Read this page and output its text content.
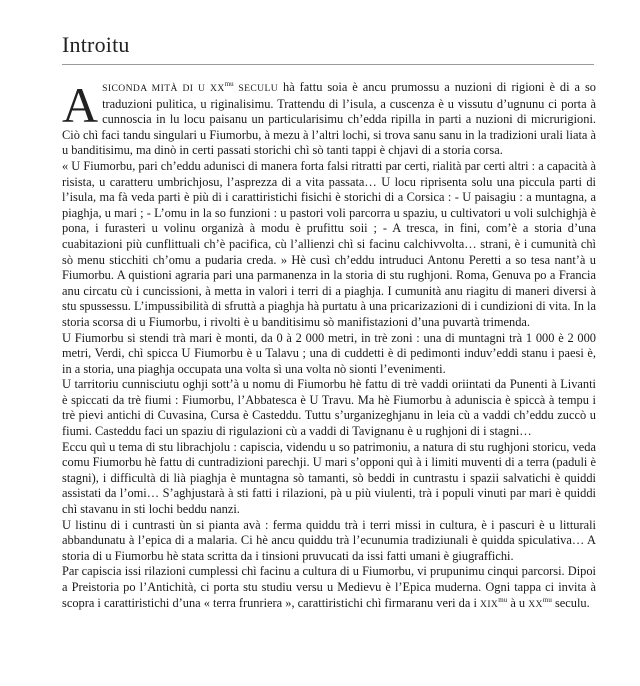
Introitu

ASICONDA MITÀ DI U $XX^{mu}$ SECULU hà fattu soia è ancu prumossu a nuzioni di rigioni è di a so traduzioni pulitica, u riginalisimu. Trattendu di l’isula, a cuscenza è u vissutu d’ugnunu ci porta à cunnoscia in lu locu paisanu un particularisimu ch’edda ripilla in parti a nuzioni di micrurigioni. Ciò chì faci tandu singulari u Fiumorbu, à mezu à l’altri lochi, si trova sanu sanu in la tradizioni urali liata à u banditisimu, ma dinò in certi passati storichi chì sò tanti tappi è chjavi di a storia corsa.

« U Fiumorbu, pari ch’eddu adunisci di manera forta falsi ritratti par certi, rialità par certi altri : a capacità à risista, u caratteru umbrichjosu, l’asprezza di a vita passata… U locu riprisenta solu una piccula parti di l’isula, ma fà veda parti è più di i carattiristichi fisichi è storichi di a Corsica : - U paisagiu : a muntagna, a piaghja, u mari ; - L’omu in la so funzioni : u pastori voli parcorra u spaziu, u cultivatori u voli sulchighjà è pona, i furasteri u volinu organizà à modu è prufittu soii ; - A tresca, in fini, com’è a storia d’una cuabitazioni più cunflittuali ch’è pacifica, cù l’allienzi chì si facinu calchivvolta… strani, è i cumunità chì sò menu sticchiti ch’omu a pudaria creda. » Hè cusì ch’eddu intruduci Antonu Peretti a so tesa nant’à u Fiumorbu. A quistioni agraria pari una parmanenza in la storia di stu rughjoni. Roma, Genuva po a Francia anu circatu cù i cuncissioni, à metta in valori i terri di a piaghja. I cumunità anu riagitu di maneri diversi à stu spussessu. L’impussibilità di sfruttà a piaghja hà purtatu à una pricarizazioni di i cundizioni di vita. In la storia scorsa di u Fiumorbu, i rivolti è u banditisimu sò manifistazioni d’una puvartà trimenda.

U Fiumorbu si stendi trà mari è monti, da 0 à 2 000 metri, in trè zoni : una di muntagni trà 1 000 è 2 000 metri, Verdi, chì spicca U Fiumorbu è u Talavu ; una di cuddetti è di pedimonti induv’eddi stanu i paesi è, in a storia, una piaghja occupata una volta sì una volta nò sionti l’evenimenti.

U tarritoriu cunnisciutu oghji sott’à u nomu di Fiumorbu hè fattu di trè vaddi oriintati da Punenti à Livanti è spiccati da trè fiumi : Fiumorbu, l’Abbatesca è U Travu. Ma hè Fiumorbu à aduniscia è spiccà à tempu i trè pievi antichi di Cuvasina, Cursa è Casteddu. Tuttu s’urganizeghjanu in leia cù a vaddi ch’eddu zuccò u fiumi. Casteddu faci un spaziu di rigulazioni cù a vaddi di Tavignanu è u rughjoni di i stagni…

Eccu quì u tema di stu librachjolu : capiscia, videndu u so patrimoniu, a natura di stu rughjoni storicu, veda comu Fiumorbu hè fattu di cuntradizioni parechji. U mari s’opponi quì à i limiti muventi di a terra (paduli è stagni), i difficultà di lià piaghja è muntagna sò tamanti, sò beddi in cuntrastu i spazii salvatichi è quiddi assistati da l’omi… S’aghjustarà à sti fatti i rilazioni, pà u più viulenti, trà i populi vinuti par mari è quiddi chì stavanu in sti lochi beddu nanzi.

U listinu di i cuntrasti ùn si pianta avà : ferma quiddu trà i terri missi in cultura, è i pascuri è u litturali abbandunatu à l’epica di a malaria. Ci hè ancu quiddu trà l’ecunumia tradiziunali è quidda spiculativa… A storia di u Fiumorbu hè stata scritta da i tinsioni pruvucati da issi fatti umani è giugraffichi.

Par capiscia issi rilazioni cumplessi chì facinu a cultura di u Fiumorbu, vi prupunimu cinqui parcorsi. Dipoi a Preistoria po l’Antichità, ci porta stu studiu versu u Medievu è l’Epica muderna. Ogni tappa ci invita à scopra i carattiristichi d’una « terra frunriera », carattiristichi chì firmaranu veri da i $XIX^{mu}$ à u $XX^{mu}$ seculu.
